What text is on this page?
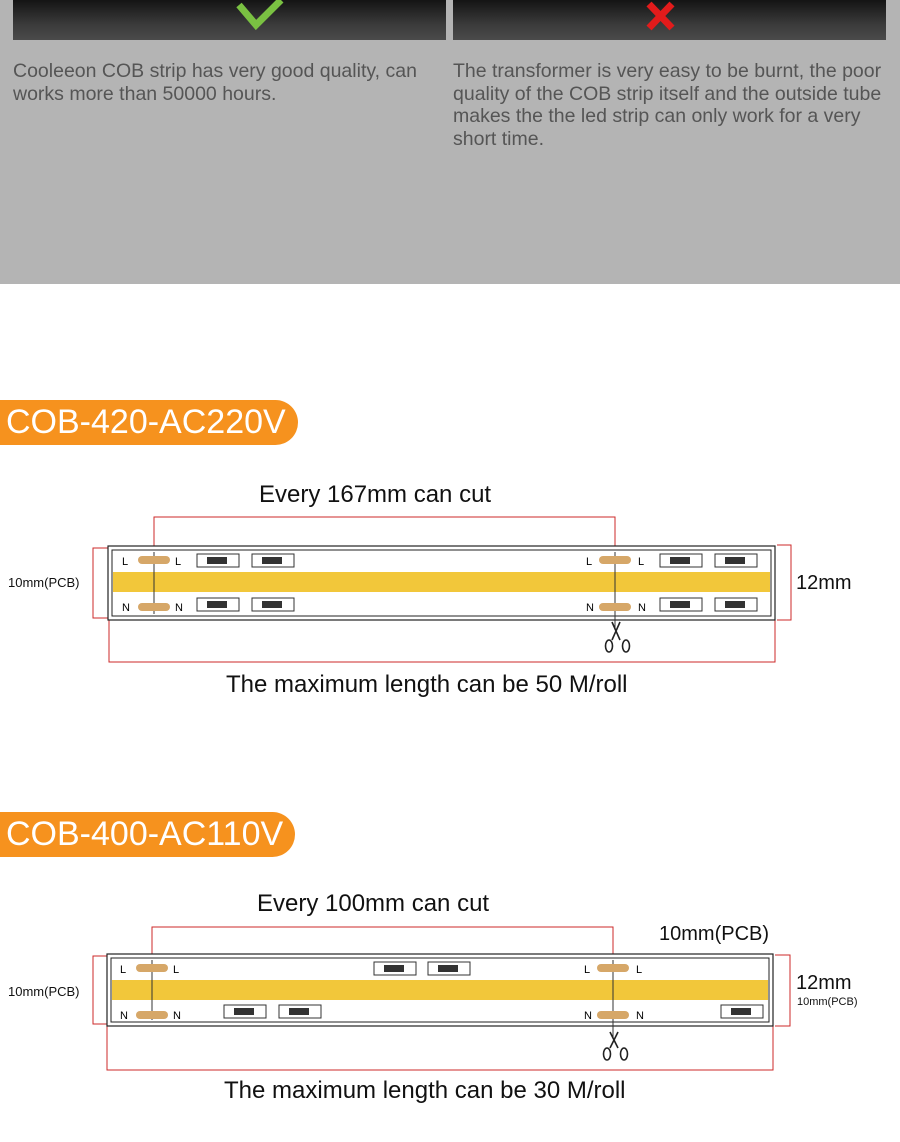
Cooleeon COB strip has very good quality, can works more than 50000 hours.
The transformer is very easy to be burnt, the poor quality of the COB strip itself and the outside tube makes the the led strip can only work for a very short time.
COB-420-AC220V
Every 167mm can cut
10mm(PCB)	12mm
The maximum length can be 50 M/roll
L	L	L	L
N	N	N	N
COB-400-AC110V
Every 100mm can cut
10mm(PCB)
10mm(PCB)	12mm
10mm(PCB)
The maximum length can be 30 M/roll
L	L	L	L
N	N	N	N
